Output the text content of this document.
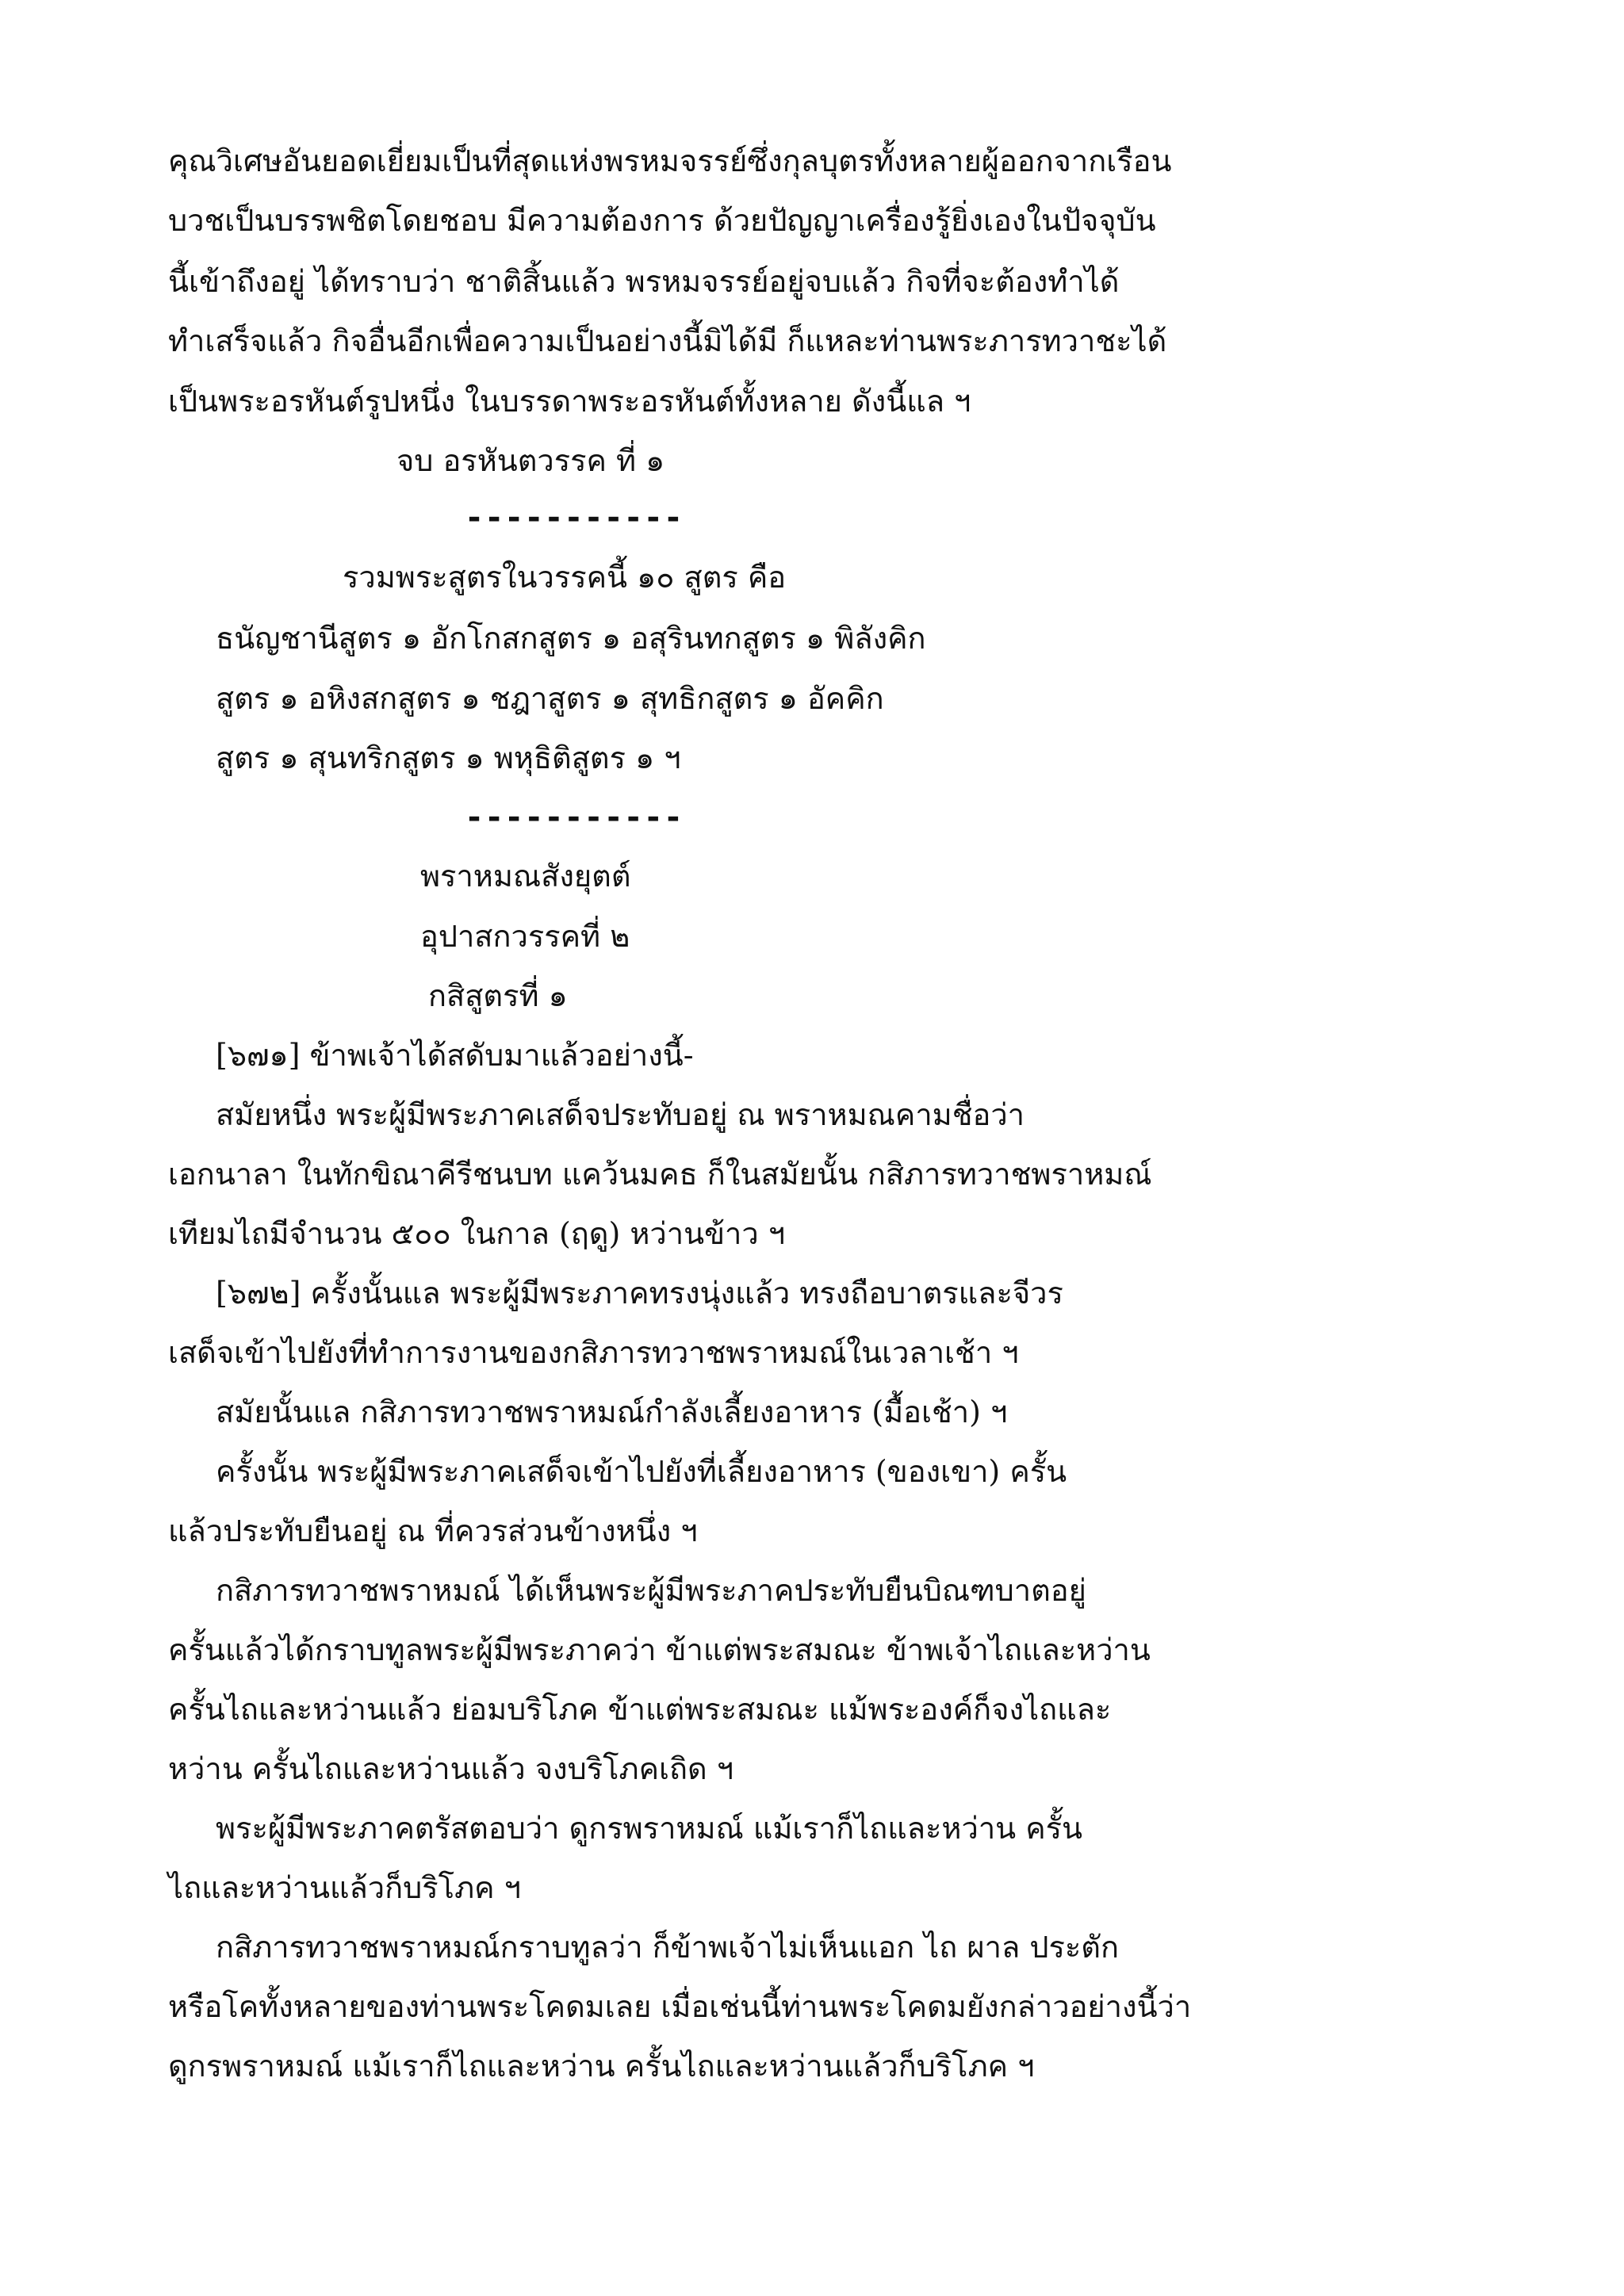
คุณวิเศษอันยอดเยี่ยมเป็นที่สุดแห่งพรหมจรรย์ซึ่งกุลบุตรทั้งหลายผู้ออกจากเรือน
บวชเป็นบรรพชิตโดยชอบ มีความต้องการ ด้วยปัญญาเครื่องรู้ยิ่งเองในปัจจุบัน
นี้เข้าถึงอยู่ ได้ทราบว่า ชาติสิ้นแล้ว พรหมจรรย์อยู่จบแล้ว กิจที่จะต้องทำได้
ทำเสร็จแล้ว กิจอื่นอีกเพื่อความเป็นอย่างนี้มิได้มี ก็แหละท่านพระภารทวาชะได้
เป็นพระอรหันต์รูปหนึ่ง ในบรรดาพระอรหันต์ทั้งหลาย ดังนี้แล ฯ
จบ อรหันตวรรค ที่ ๑
-----------
รวมพระสูตรในวรรคนี้ ๑๐ สูตร คือ
ธนัญชานีสูตร ๑ อักโกสกสูตร ๑ อสุรินทกสูตร ๑ พิลังคิก
สูตร ๑ อหิงสกสูตร ๑ ชฎาสูตร ๑ สุทธิกสูตร ๑ อัคคิก
สูตร ๑ สุนทริกสูตร ๑ พหุธิติสูตร ๑ ฯ
-----------
พราหมณสังยุตต์
อุปาสกวรรคที่ ๒
กสิสูตรที่ ๑
[๖๗๑] ข้าพเจ้าได้สดับมาแล้วอย่างนี้-
สมัยหนึ่ง พระผู้มีพระภาคเสด็จประทับอยู่ ณ พราหมณคามชื่อว่า
เอกนาลา ในทักขิณาคีรีชนบท แคว้นมคธ ก็ในสมัยนั้น กสิภารทวาชพราหมณ์
เทียมไถมีจำนวน ๕๐๐ ในกาล (ฤดู) หว่านข้าว ฯ
[๖๗๒] ครั้งนั้นแล พระผู้มีพระภาคทรงนุ่งแล้ว ทรงถือบาตรและจีวร
เสด็จเข้าไปยังที่ทำการงานของกสิภารทวาชพราหมณ์ในเวลาเช้า ฯ
สมัยนั้นแล กสิภารทวาชพราหมณ์กำลังเลี้ยงอาหาร (มื้อเช้า) ฯ
ครั้งนั้น พระผู้มีพระภาคเสด็จเข้าไปยังที่เลี้ยงอาหาร (ของเขา) ครั้น
แล้วประทับยืนอยู่ ณ ที่ควรส่วนข้างหนึ่ง ฯ
กสิภารทวาชพราหมณ์ ได้เห็นพระผู้มีพระภาคประทับยืนบิณฑบาตอยู่
ครั้นแล้วได้กราบทูลพระผู้มีพระภาคว่า ข้าแต่พระสมณะ ข้าพเจ้าไถและหว่าน
ครั้นไถและหว่านแล้ว ย่อมบริโภค ข้าแต่พระสมณะ แม้พระองค์ก็จงไถและ
หว่าน ครั้นไถและหว่านแล้ว จงบริโภคเถิด ฯ
พระผู้มีพระภาคตรัสตอบว่า ดูกรพราหมณ์ แม้เราก็ไถและหว่าน ครั้น
ไถและหว่านแล้วก็บริโภค ฯ
กสิภารทวาชพราหมณ์กราบทูลว่า ก็ข้าพเจ้าไม่เห็นแอก ไถ ผาล ประตัก
หรือโคทั้งหลายของท่านพระโคดมเลย เมื่อเช่นนี้ท่านพระโคดมยังกล่าวอย่างนี้ว่า
ดูกรพราหมณ์ แม้เราก็ไถและหว่าน ครั้นไถและหว่านแล้วก็บริโภค ฯ
